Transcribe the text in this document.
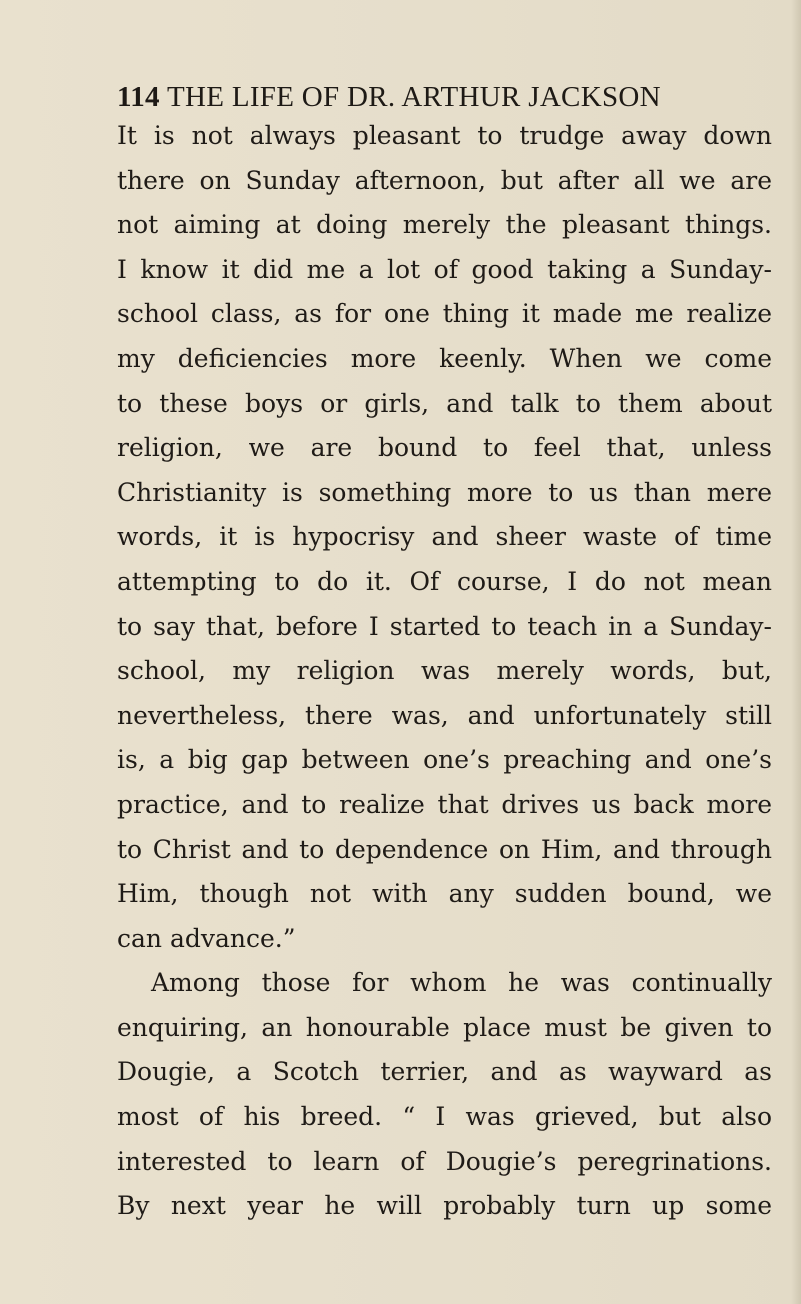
114 THE LIFE OF DR. ARTHUR JACKSON
It is not always pleasant to trudge away down
there on Sunday afternoon, but after all we are
not aiming at doing merely the pleasant things.
I know it did me a lot of good taking a Sunday-
school class, as for one thing it made me realize
my deficiencies more keenly. When we come
to these boys or girls, and talk to them about
religion, we are bound to feel that, unless
Christianity is something more to us than mere
words, it is hypocrisy and sheer waste of time
attempting to do it. Of course, I do not mean
to say that, before I started to teach in a Sunday-
school, my religion was merely words, but,
nevertheless, there was, and unfortunately still
is, a big gap between one’s preaching and one’s
practice, and to realize that drives us back more
to Christ and to dependence on Him, and through
Him, though not with any sudden bound, we
can advance.”
Among those for whom he was continually
enquiring, an honourable place must be given to
Dougie, a Scotch terrier, and as wayward as
most of his breed. “ I was grieved, but also
interested to learn of Dougie’s peregrinations.
By next year he will probably turn up some
